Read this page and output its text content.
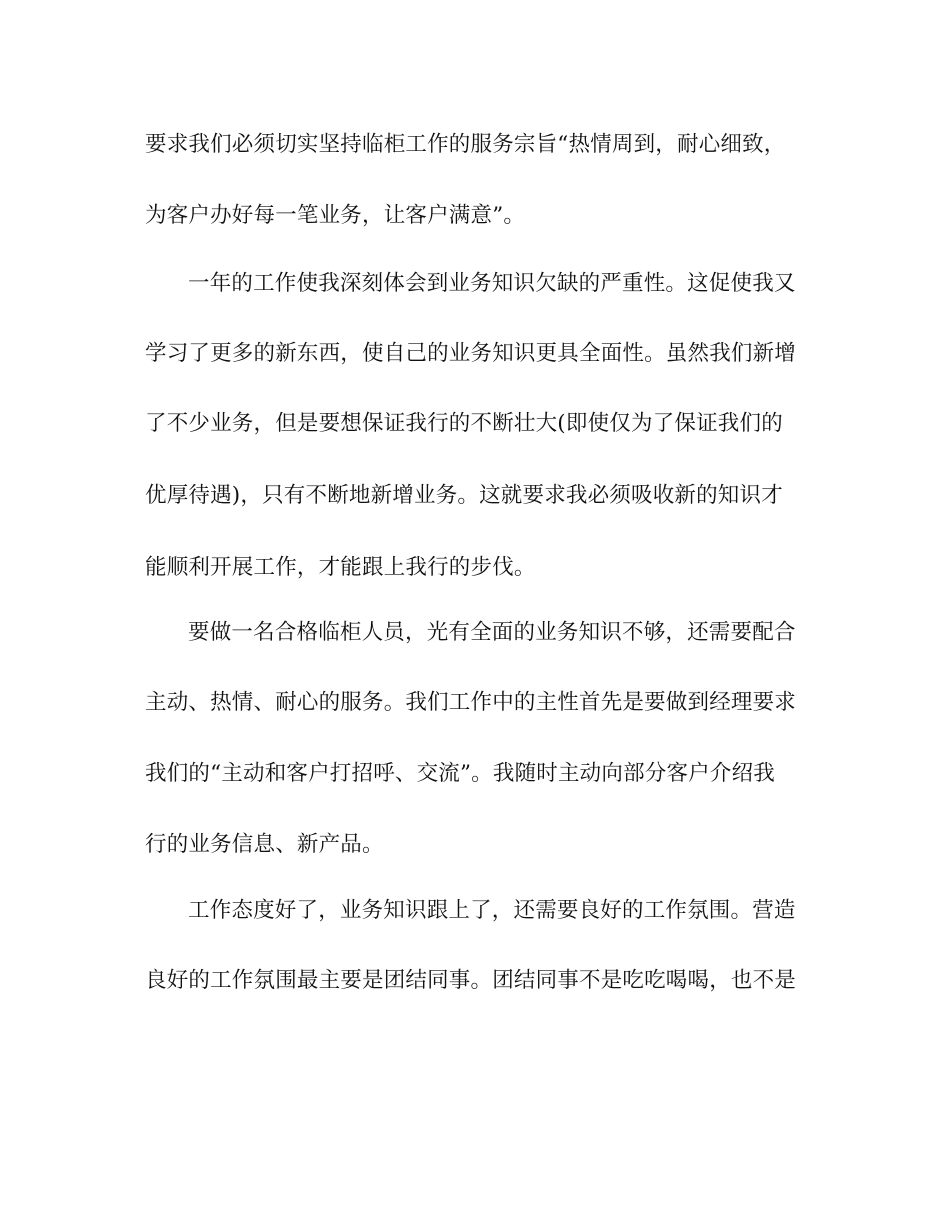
要求我们必须切实坚持临柜工作的服务宗旨“热情周到，耐心细致，
为客户办好每一笔业务，让客户满意”。
一年的工作使我深刻体会到业务知识欠缺的严重性。这促使我又
学习了更多的新东西，使自己的业务知识更具全面性。虽然我们新增
了不少业务，但是要想保证我行的不断壮大(即使仅为了保证我们的
优厚待遇)，只有不断地新增业务。这就要求我必须吸收新的知识才
能顺利开展工作，才能跟上我行的步伐。
要做一名合格临柜人员，光有全面的业务知识不够，还需要配合
主动、热情、耐心的服务。我们工作中的主性首先是要做到经理要求
我们的“主动和客户打招呼、交流”。我随时主动向部分客户介绍我
行的业务信息、新产品。
工作态度好了，业务知识跟上了，还需要良好的工作氛围。营造
良好的工作氛围最主要是团结同事。团结同事不是吃吃喝喝，也不是
